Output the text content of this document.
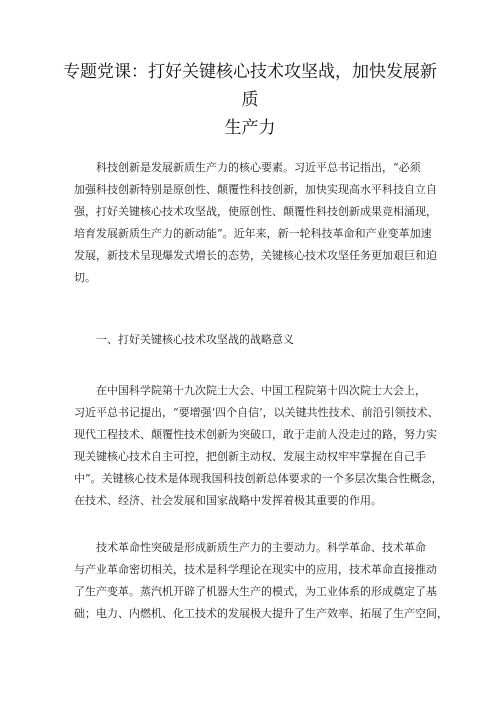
专题党课：打好关键核心技术攻坚战，加快发展新质
生产力
科技创新是发展新质生产力的核心要素。习近平总书记指出，“必须
加强科技创新特别是原创性、颠覆性科技创新，加快实现高水平科技自立自
强，打好关键核心技术攻坚战，使原创性、颠覆性科技创新成果竞相涌现，
培育发展新质生产力的新动能”。近年来，新一轮科技革命和产业变革加速
发展，新技术呈现爆发式增长的态势，关键核心技术攻坚任务更加艰巨和迫
切。
一、打好关键核心技术攻坚战的战略意义
在中国科学院第十九次院士大会、中国工程院第十四次院士大会上，
习近平总书记提出，“要增强‘四个自信’，以关键共性技术、前沿引领技术、
现代工程技术、颠覆性技术创新为突破口，敢于走前人没走过的路，努力实
现关键核心技术自主可控，把创新主动权、发展主动权牢牢掌握在自己手
中”。关键核心技术是体现我国科技创新总体要求的一个多层次集合性概念，
在技术、经济、社会发展和国家战略中发挥着极其重要的作用。
技术革命性突破是形成新质生产力的主要动力。科学革命、技术革命
与产业革命密切相关，技术是科学理论在现实中的应用，技术革命直接推动
了生产变革。蒸汽机开辟了机器大生产的模式，为工业体系的形成奠定了基
础；电力、内燃机、化工技术的发展极大提升了生产效率、拓展了生产空间，
